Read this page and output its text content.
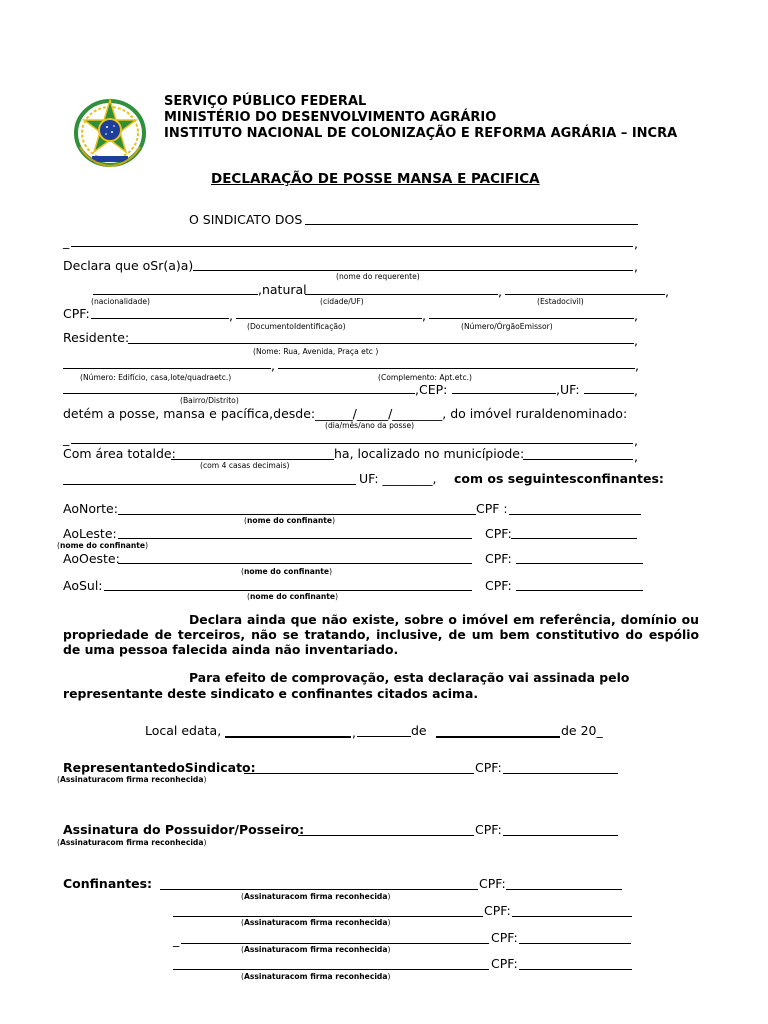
SERVIÇO PÚBLICO FEDERAL
MINISTÉRIO DO DESENVOLVIMENTO AGRÁRIO
INSTITUTO NACIONAL DE COLONIZAÇÃO E REFORMA AGRÁRIA – INCRA
DECLARAÇÃO DE POSSE MANSA E PACIFICA
O SINDICATO DOS
_	,
Declara que oSr(a)a)	,
(nome do requerente)
,natural	,	,
(nacionalidade)	(cidade/UF)	(Estadocivil)
CPF:	,	,	,
(DocumentoIdentificação)	(Número/ÓrgãoEmissor)
Residente:	,
(Nome: Rua, Avenida, Praça etc )
,	,
(Número: Edifício, casa,lote/quadraetc.)	(Complemento: Apt.etc.)
,CEP:	,UF:	,
(Bairro/Distrito)
detém a posse, mansa e pacífica,desde:______/_____/________, do imóvel ruraldenominado:
(dia/mês/ano da posse)
_	,
Com área totalde:	ha, localizado no municípiode:	,
(com 4 casas decimais)
UF: ________, com os seguintesconfinantes:
AoNorte:	CPF :
(nome do confinante)
AoLeste:	CPF:
(nome do confinante)
AoOeste:	CPF:
(nome do confinante)
AoSul:	CPF:
(nome do confinante)
Declara ainda que não existe, sobre o imóvel em referência, domínio ou propriedade de terceiros, não se tratando, inclusive, de um bem constitutivo do espólio de uma pessoa falecida ainda não inventariado.
Para efeito de comprovação, esta declaração vai assinada pelo
representante deste sindicato e confinantes citados acima.
Local edata,	,	de	de 20_
RepresentantedoSindicato:	CPF:
(Assinaturacom firma reconhecida)
Assinatura do Possuidor/Posseiro:	CPF:
(Assinaturacom firma reconhecida)
Confinantes:	CPF:
(Assinaturacom firma reconhecida)
CPF:
(Assinaturacom firma reconhecida)
_	CPF:
(Assinaturacom firma reconhecida)
CPF:
(Assinaturacom firma reconhecida)
